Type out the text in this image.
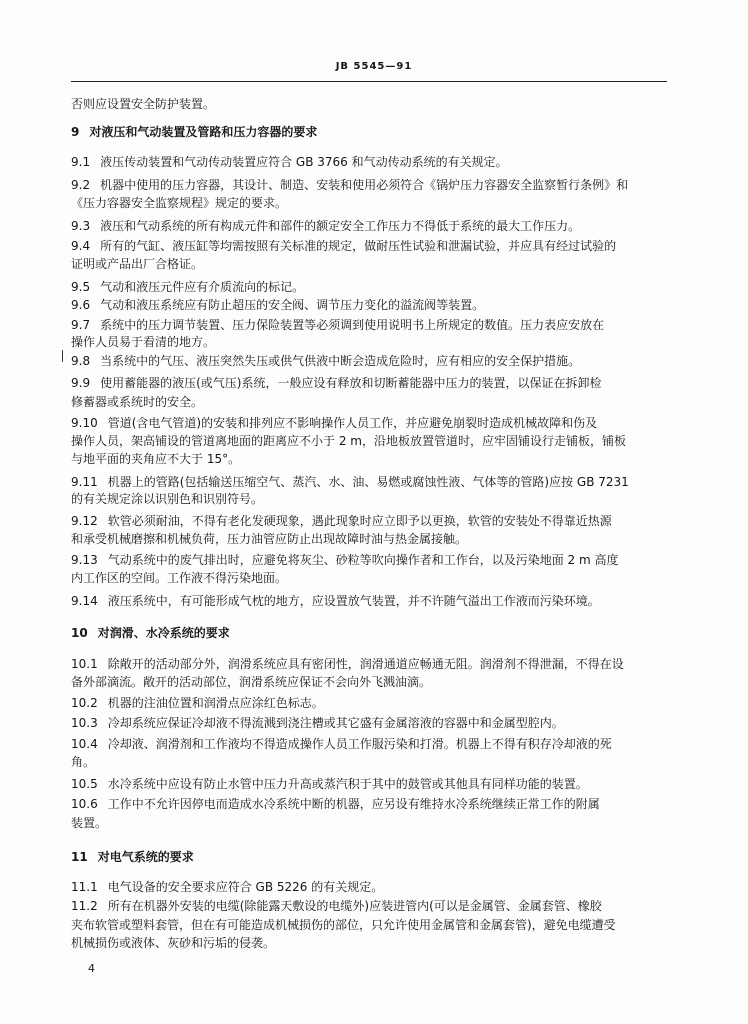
JB 5545—91
否则应设置安全防护装置。
9 对液压和气动装置及管路和压力容器的要求
9.1 液压传动装置和气动传动装置应符合 GB 3766 和气动传动系统的有关规定。
9.2 机器中使用的压力容器，其设计、制造、安装和使用必须符合《锅炉压力容器安全监察暂行条例》和
《压力容器安全监察规程》规定的要求。
9.3 液压和气动系统的所有构成元件和部件的额定安全工作压力不得低于系统的最大工作压力。
9.4 所有的气缸、液压缸等均需按照有关标准的规定，做耐压性试验和泄漏试验，并应具有经过试验的
证明或产品出厂合格证。
9.5 气动和液压元件应有介质流向的标记。
9.6 气动和液压系统应有防止超压的安全阀、调节压力变化的溢流阀等装置。
9.7 系统中的压力调节装置、压力保险装置等必须调到使用说明书上所规定的数值。压力表应安放在
操作人员易于看清的地方。
9.8 当系统中的气压、液压突然失压或供气供液中断会造成危险时，应有相应的安全保护措施。
9.9 使用蓄能器的液压(或气压)系统，一般应设有释放和切断蓄能器中压力的装置，以保证在拆卸检
修蓄器或系统时的安全。
9.10 管道(含电气管道)的安装和排列应不影响操作人员工作，并应避免崩裂时造成机械故障和伤及
操作人员，架高铺设的管道离地面的距离应不小于 2 m，沿地板放置管道时，应牢固铺设行走铺板，铺板
与地平面的夹角应不大于 15°。
9.11 机器上的管路(包括输送压缩空气、蒸汽、水、油、易燃或腐蚀性液、气体等的管路)应按 GB 7231
的有关规定涂以识别色和识别符号。
9.12 软管必须耐油，不得有老化发硬现象，遇此现象时应立即予以更换，软管的安装处不得靠近热源
和承受机械磨擦和机械负荷，压力油管应防止出现故障时油与热金属接触。
9.13 气动系统中的废气排出时，应避免将灰尘、砂粒等吹向操作者和工作台，以及污染地面 2 m 高度
内工作区的空间。工作液不得污染地面。
9.14 液压系统中，有可能形成气枕的地方，应设置放气装置，并不许随气溢出工作液而污染环境。
10 对润滑、水冷系统的要求
10.1 除敞开的活动部分外，润滑系统应具有密闭性，润滑通道应畅通无阻。润滑剂不得泄漏，不得在设
备外部滴流。敞开的活动部位，润滑系统应保证不会向外飞溅油滴。
10.2 机器的注油位置和润滑点应涂红色标志。
10.3 冷却系统应保证冷却液不得流溅到浇注槽或其它盛有金属溶液的容器中和金属型腔内。
10.4 冷却液、润滑剂和工作液均不得造成操作人员工作服污染和打滑。机器上不得有积存冷却液的死
角。
10.5 水冷系统中应设有防止水管中压力升高或蒸汽积于其中的鼓管或其他具有同样功能的装置。
10.6 工作中不允许因停电而造成水冷系统中断的机器，应另设有维持水冷系统继续正常工作的附属
装置。
11 对电气系统的要求
11.1 电气设备的安全要求应符合 GB 5226 的有关规定。
11.2 所有在机器外安装的电缆(除能露天敷设的电缆外)应装进管内(可以是金属管、金属套管、橡胶
夹布软管或塑料套管，但在有可能造成机械损伤的部位，只允许使用金属管和金属套管)，避免电缆遭受
机械损伤或液体、灰砂和污垢的侵袭。
4
